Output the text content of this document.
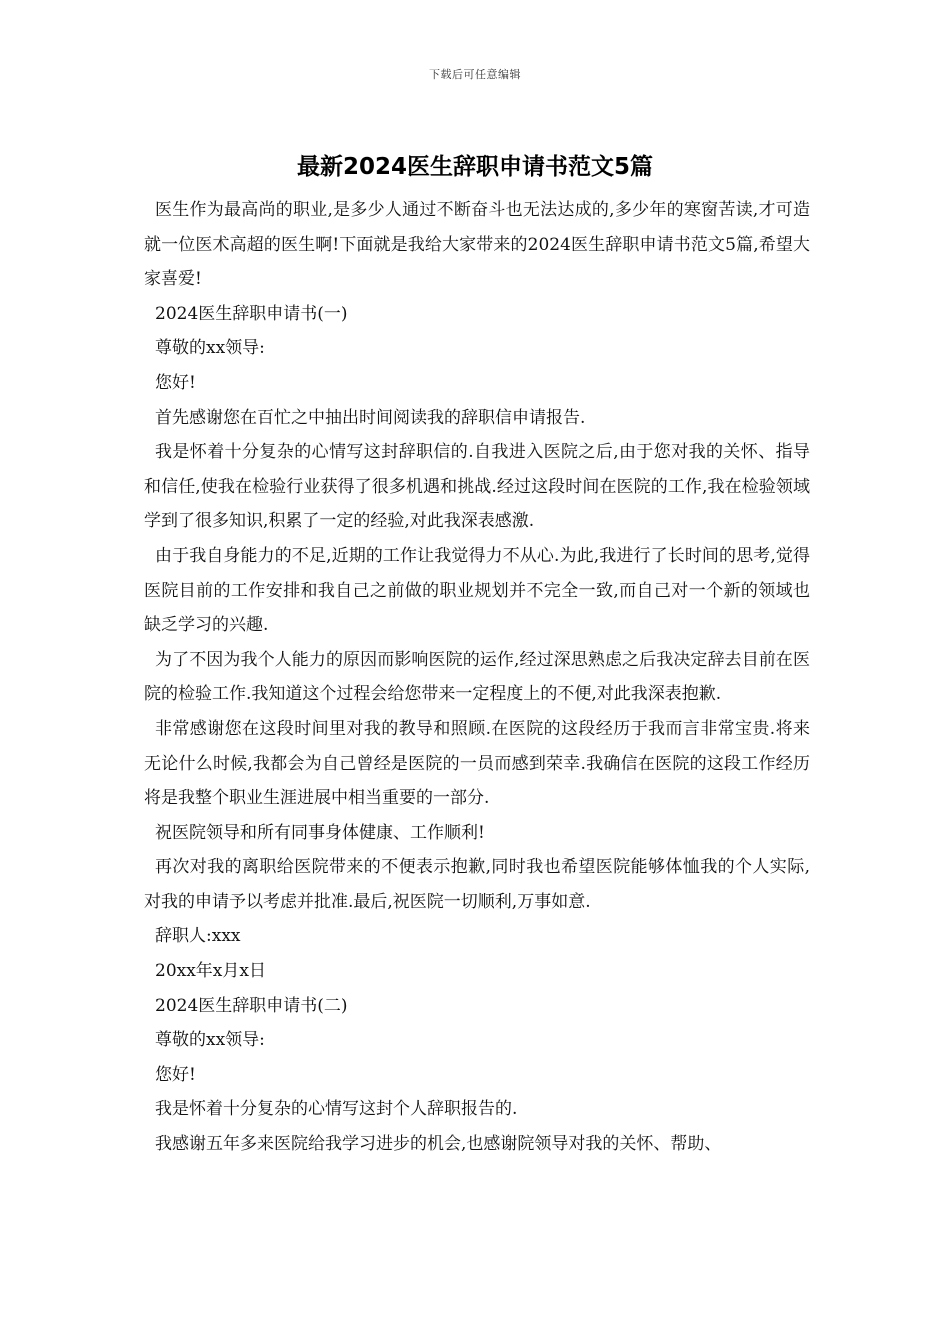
下载后可任意编辑
最新2024医生辞职申请书范文5篇

医生作为最高尚的职业,是多少人通过不断奋斗也无法达成的,多少年的寒窗苦读,才可造就一位医术高超的医生啊!下面就是我给大家带来的2024医生辞职申请书范文5篇,希望大家喜爱!

2024医生辞职申请书(一)

尊敬的xx领导:

您好!

首先感谢您在百忙之中抽出时间阅读我的辞职信申请报告.

我是怀着十分复杂的心情写这封辞职信的.自我进入医院之后,由于您对我的关怀、指导和信任,使我在检验行业获得了很多机遇和挑战.经过这段时间在医院的工作,我在检验领域学到了很多知识,积累了一定的经验,对此我深表感激.

由于我自身能力的不足,近期的工作让我觉得力不从心.为此,我进行了长时间的思考,觉得医院目前的工作安排和我自己之前做的职业规划并不完全一致,而自己对一个新的领域也缺乏学习的兴趣.

为了不因为我个人能力的原因而影响医院的运作,经过深思熟虑之后我决定辞去目前在医院的检验工作.我知道这个过程会给您带来一定程度上的不便,对此我深表抱歉.

非常感谢您在这段时间里对我的教导和照顾.在医院的这段经历于我而言非常宝贵.将来无论什么时候,我都会为自己曾经是医院的一员而感到荣幸.我确信在医院的这段工作经历将是我整个职业生涯进展中相当重要的一部分.

祝医院领导和所有同事身体健康、工作顺利!

再次对我的离职给医院带来的不便表示抱歉,同时我也希望医院能够体恤我的个人实际,对我的申请予以考虑并批准.最后,祝医院一切顺利,万事如意.

辞职人:xxx

20xx年x月x日

2024医生辞职申请书(二)

尊敬的xx领导:

您好!

我是怀着十分复杂的心情写这封个人辞职报告的.

我感谢五年多来医院给我学习进步的机会,也感谢院领导对我的关怀、帮助、
